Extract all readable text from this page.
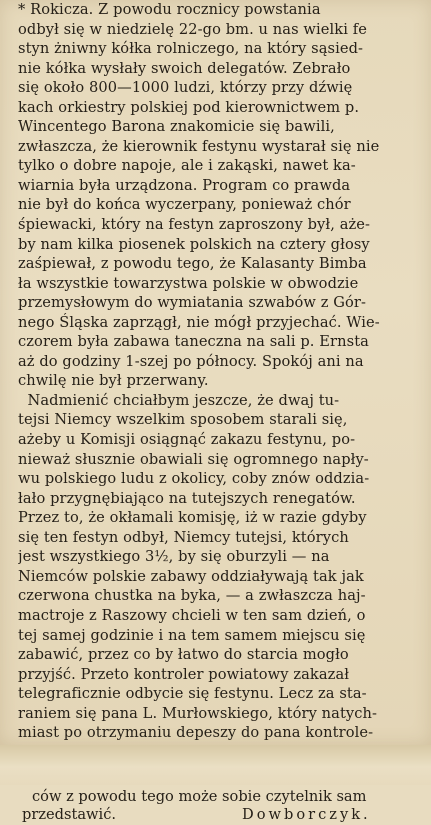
* Rokicza. Z powodu rocznicy powstania
odbył się w niedzielę 22-go bm. u nas wielki fe
styn żniwny kółka rolniczego, na który sąsied-
nie kółka wysłały swoich delegatów. Zebrało
się około 800—1000 ludzi, którzy przy dźwię
kach orkiestry polskiej pod kierownictwem p.
Wincentego Barona znakomicie się bawili,
zwłaszcza, że kierownik festynu wystarał się nie
tylko o dobre napoje, ale i zakąski, nawet ka-
wiarnia była urządzona. Program co prawda
nie był do końca wyczerpany, ponieważ chór
śpiewacki, który na festyn zaproszony był, aże-
by nam kilka piosenek polskich na cztery głosy
zaśpiewał, z powodu tego, że Kalasanty Bimba
ła wszystkie towarzystwa polskie w obwodzie
przemysłowym do wymiatania szwabów z Gór-
nego Śląska zaprzągł, nie mógł przyjechać. Wie-
czorem była zabawa taneczna na sali p. Ernsta
aż do godziny 1-szej po północy. Spokój ani na
chwilę nie był przerwany.
Nadmienić chciałbym jeszcze, że dwaj tu-
tejsi Niemcy wszelkim sposobem starali się,
ażeby u Komisji osiągnąć zakazu festynu, po-
nieważ słusznie obawiali się ogromnego napły-
wu polskiego ludu z okolicy, coby znów oddzia-
łało przygnębiająco na tutejszych renegatów.
Przez to, że okłamali komisję, iż w razie gdyby
się ten festyn odbył, Niemcy tutejsi, których
jest wszystkiego 3½, by się oburzyli — na
Niemców polskie zabawy oddziaływają tak jak
czerwona chustka na byka, — a zwłaszcza haj-
mactroje z Raszowy chcieli w ten sam dzień, o
tej samej godzinie i na tem samem miejscu się
zabawić, przez co by łatwo do starcia mogło
przyjść. Przeto kontroler powiatowy zakazał
telegraficznie odbycie się festynu. Lecz za sta-
raniem się pana L. Murłowskiego, który natych-
miast po otrzymaniu depeszy do pana kontrole-
ców z powodu tego może sobie czytelnik sam
przedstawić.	Dowborczyk.
